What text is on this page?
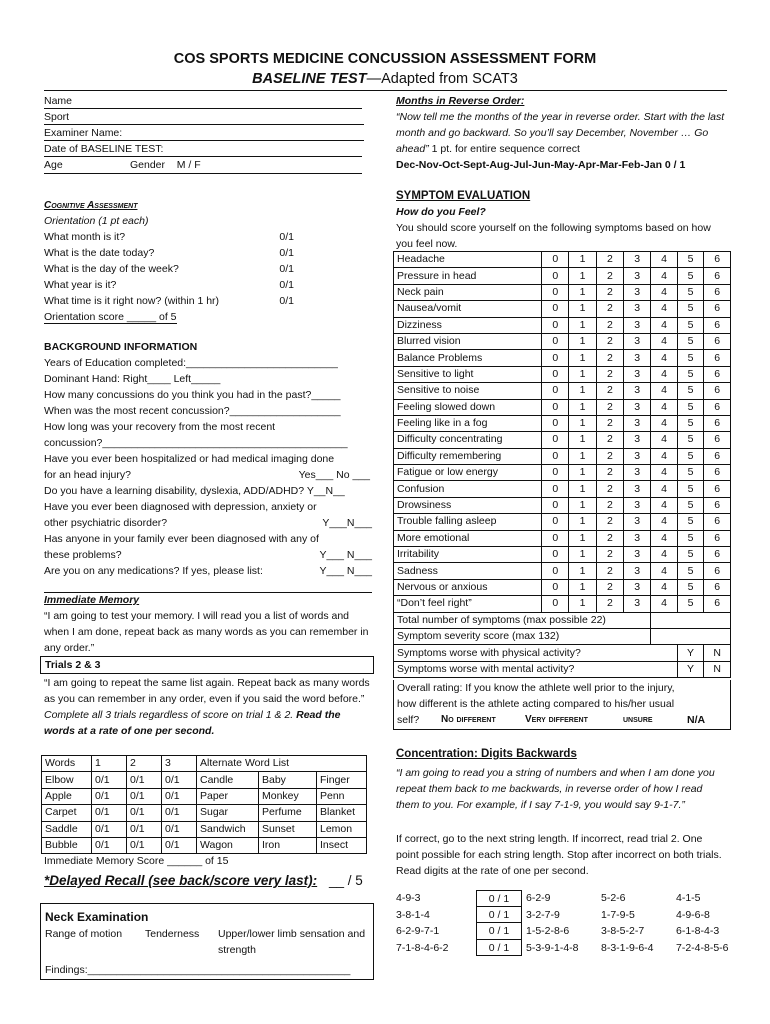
COS SPORTS MEDICINE CONCUSSION ASSESSMENT FORM
BASELINE TEST—Adapted from SCAT3
Name
Sport
Examiner Name:
Date of BASELINE TEST:
Age	Gender    M / F
Cognitive Assessment
Orientation (1 pt each)
What month is it?	0/1
What is the date today?	0/1
What is the day of the week?	0/1
What year is it?	0/1
What time is it right now? (within 1 hr)	0/1
Orientation score _____ of 5
BACKGROUND INFORMATION
Years of Education completed:__________________________
Dominant Hand: Right____ Left_____
How many concussions do you think you had in the past?_____
When was the most recent concussion?___________________
How long was your recovery from the most recent
concussion?__________________________________________
Have you ever been hospitalized or had medical imaging done
for an head injury?	Yes___ No ___
Do you have a learning disability, dyslexia, ADD/ADHD? Y__N__
Have you ever been diagnosed with depression, anxiety or
other psychiatric disorder?	Y___N___
Has anyone in your family ever been diagnosed with any of
these problems?	Y___ N___
Are you on any medications? If yes, please list:	Y___ N___
Immediate Memory
“I am going to test your memory. I will read you a list of words and when I am done, repeat back as many words as you can remember in any order.”
Trials 2 & 3
“I am going to repeat the same list again. Repeat back as many words as you can remember in any order, even if you said the word before.”
Complete all 3 trials regardless of score on trial 1 & 2. Read the words at a rate of one per second.
Words	1	2	3	Alternate Word List		
Elbow	0/1	0/1	0/1	Candle	Baby	Finger
Apple	0/1	0/1	0/1	Paper	Monkey	Penn
Carpet	0/1	0/1	0/1	Sugar	Perfume	Blanket
Saddle	0/1	0/1	0/1	Sandwich	Sunset	Lemon
Bubble	0/1	0/1	0/1	Wagon	Iron	Insect
Immediate Memory Score ______ of 15
*Delayed Recall (see back/score very last): __ / 5
Neck Examination
Range of motion Tenderness Upper/lower limb sensation and strength
Findings:_____________________________________________
Months in Reverse Order:
“Now tell me the months of the year in reverse order. Start with the last month and go backward. So you’ll say December, November … Go ahead” 1 pt. for entire sequence correct
Dec-Nov-Oct-Sept-Aug-Jul-Jun-May-Apr-Mar-Feb-Jan 0 / 1
SYMPTOM EVALUATION
How do you Feel?
You should score yourself on the following symptoms based on how you feel now.
Headache	0	1	2	3	4	5	6
Pressure in head	0	1	2	3	4	5	6
Neck pain	0	1	2	3	4	5	6
Nausea/vomit	0	1	2	3	4	5	6
Dizziness	0	1	2	3	4	5	6
Blurred vision	0	1	2	3	4	5	6
Balance Problems	0	1	2	3	4	5	6
Sensitive to light	0	1	2	3	4	5	6
Sensitive to noise	0	1	2	3	4	5	6
Feeling slowed down	0	1	2	3	4	5	6
Feeling like in a fog	0	1	2	3	4	5	6
Difficulty concentrating	0	1	2	3	4	5	6
Difficulty remembering	0	1	2	3	4	5	6
Fatigue or low energy	0	1	2	3	4	5	6
Confusion	0	1	2	3	4	5	6
Drowsiness	0	1	2	3	4	5	6
Trouble falling asleep	0	1	2	3	4	5	6
More emotional	0	1	2	3	4	5	6
Irritability	0	1	2	3	4	5	6
Sadness	0	1	2	3	4	5	6
Nervous or anxious	0	1	2	3	4	5	6
“Don’t feel right”	0	1	2	3	4	5	6
Total number of symptoms (max possible 22)							
Symptom severity score (max 132)							
Symptoms worse with physical activity?						Y	N
Symptoms worse with mental activity?						Y	N
Overall rating: If you know the athlete well prior to the injury,
how different is the athlete acting compared to his/her usual
self? No different	Very different	unsure	N/A
Concentration: Digits Backwards
“I am going to read you a string of numbers and when I am done you repeat them back to me backwards, in reverse order of how I read them to you. For example, if I say 7-1-9, you would say 9-1-7.”
If correct, go to the next string length. If incorrect, read trial 2. One point possible for each string length. Stop after incorrect on both trials. Read digits at the rate of one per second.
4-9-3	0 / 1	6-2-9	5-2-6	4-1-5
3-8-1-4	0 / 1	3-2-7-9	1-7-9-5	4-9-6-8
6-2-9-7-1	0 / 1	1-5-2-8-6	3-8-5-2-7	6-1-8-4-3
7-1-8-4-6-2	0 / 1	5-3-9-1-4-8 8-3-1-9-6-4 7-2-4-8-5-6
